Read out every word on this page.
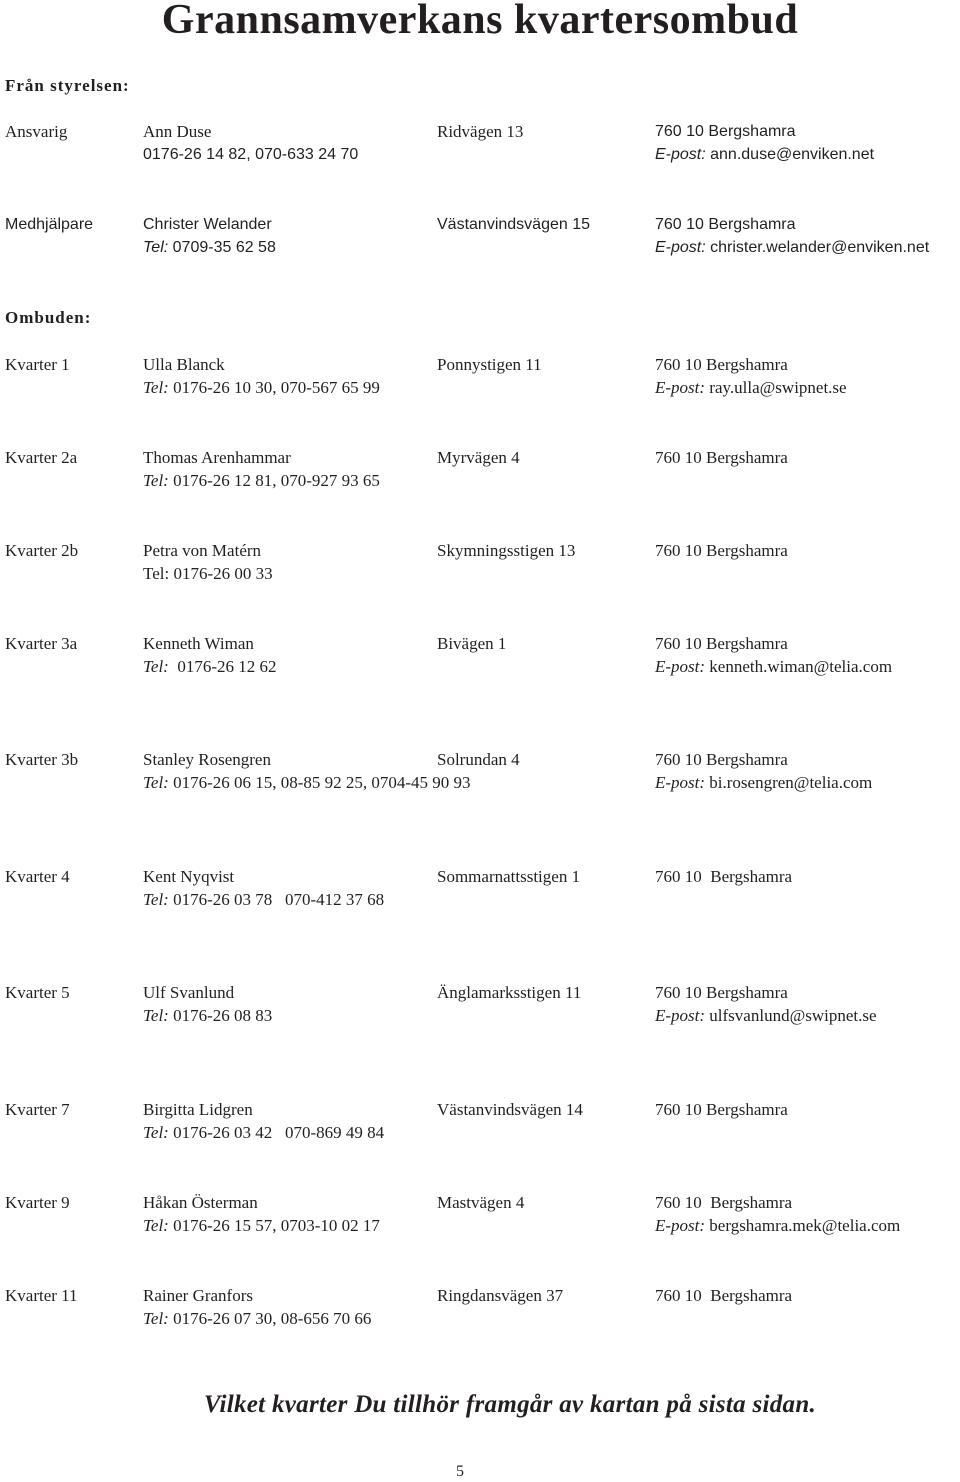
Grannsamverkans kvartersombud
Från styrelsen:
Ansvarig	Ann Duse	Ridvägen 13	760 10 Bergshamra
0176-26 14 82, 070-633 24 70	E-post: ann.duse@enviken.net
Medhjälpare	Christer Welander	Västanvindsvägen 15	760 10 Bergshamra
Tel: 0709-35 62 58	E-post: christer.welander@enviken.net
Ombuden:
Kvarter 1	Ulla Blanck	Ponnystigen 11	760 10 Bergshamra
Tel: 0176-26 10 30, 070-567 65 99	E-post: ray.ulla@swipnet.se
Kvarter 2a	Thomas Arenhammar	Myrvägen 4	760 10 Bergshamra
Tel: 0176-26 12 81, 070-927 93 65
Kvarter 2b	Petra von Matérn	Skymningsstigen 13	760 10 Bergshamra
Tel: 0176-26 00 33
Kvarter 3a	Kenneth Wiman	Bivägen 1	760 10 Bergshamra
Tel:  0176-26 12 62	E-post: kenneth.wiman@telia.com
Kvarter 3b	Stanley Rosengren	Solrundan 4	760 10 Bergshamra
Tel: 0176-26 06 15, 08-85 92 25, 0704-45 90 93	E-post: bi.rosengren@telia.com
Kvarter 4	Kent Nyqvist	Sommarnattsstigen 1	760 10  Bergshamra
Tel: 0176-26 03 78   070-412 37 68
Kvarter 5	Ulf Svanlund	Änglamarksstigen 11	760 10 Bergshamra
Tel: 0176-26 08 83	E-post: ulfsvanlund@swipnet.se
Kvarter 7	Birgitta Lidgren	Västanvindsvägen 14	760 10 Bergshamra
Tel: 0176-26 03 42   070-869 49 84
Kvarter 9	Håkan Österman	Mastvägen 4	760 10  Bergshamra
Tel: 0176-26 15 57, 0703-10 02 17	E-post: bergshamra.mek@telia.com
Kvarter 11	Rainer Granfors	Ringdansvägen 37	760 10  Bergshamra
Tel: 0176-26 07 30, 08-656 70 66
Vilket kvarter Du tillhör framgår av kartan på sista sidan.
5
